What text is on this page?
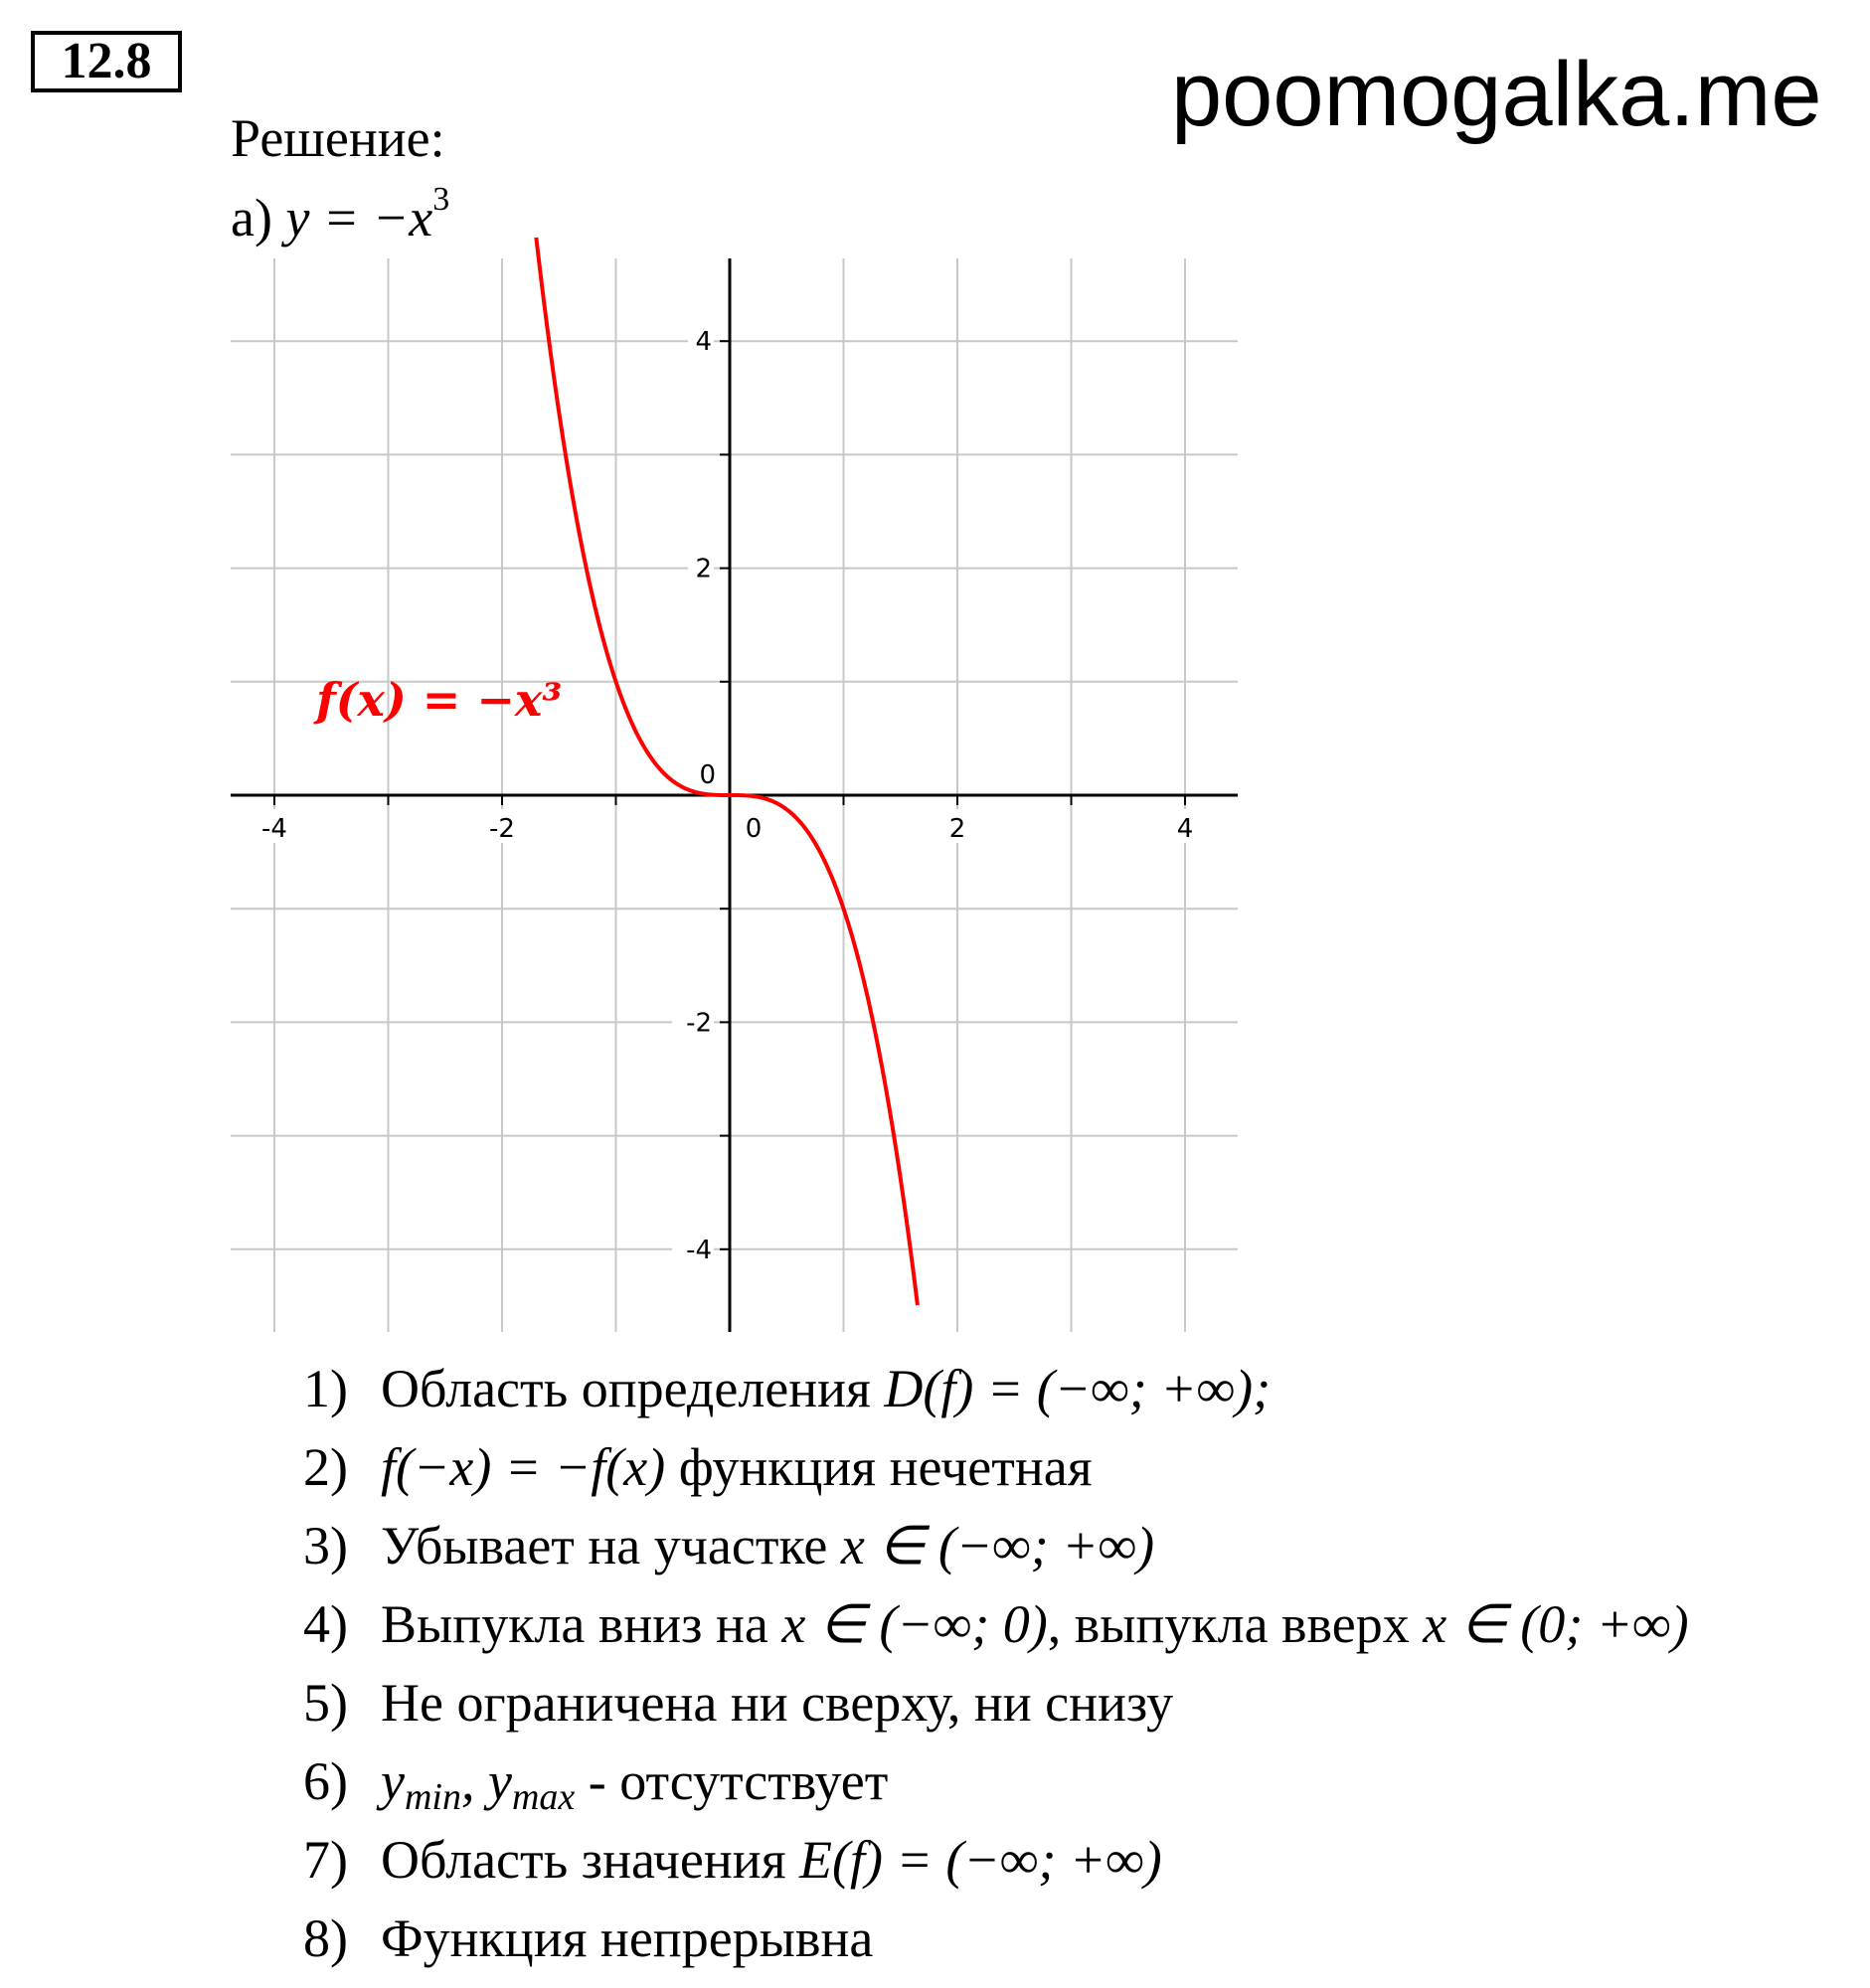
12.8	poomogalka.me
Решение:
а) $y = -x^3$
-4	-2	0	2	4
4
2
0
-2
-4
f(x) = −x³
1) Область определения D(f) = (−∞; +∞);
2) f(−x) = −f(x) функция нечетная
3) Убывает на участке x ∈ (−∞; +∞)
4) Выпукла вниз на x ∈ (−∞; 0), выпукла вверх x ∈ (0; +∞)
5) Не ограничена ни сверху, ни снизу
6) $y_{min}$, $y_{max}$ - отсутствует
7) Область значения E(f) = (−∞; +∞)
8) Функция непрерывна
